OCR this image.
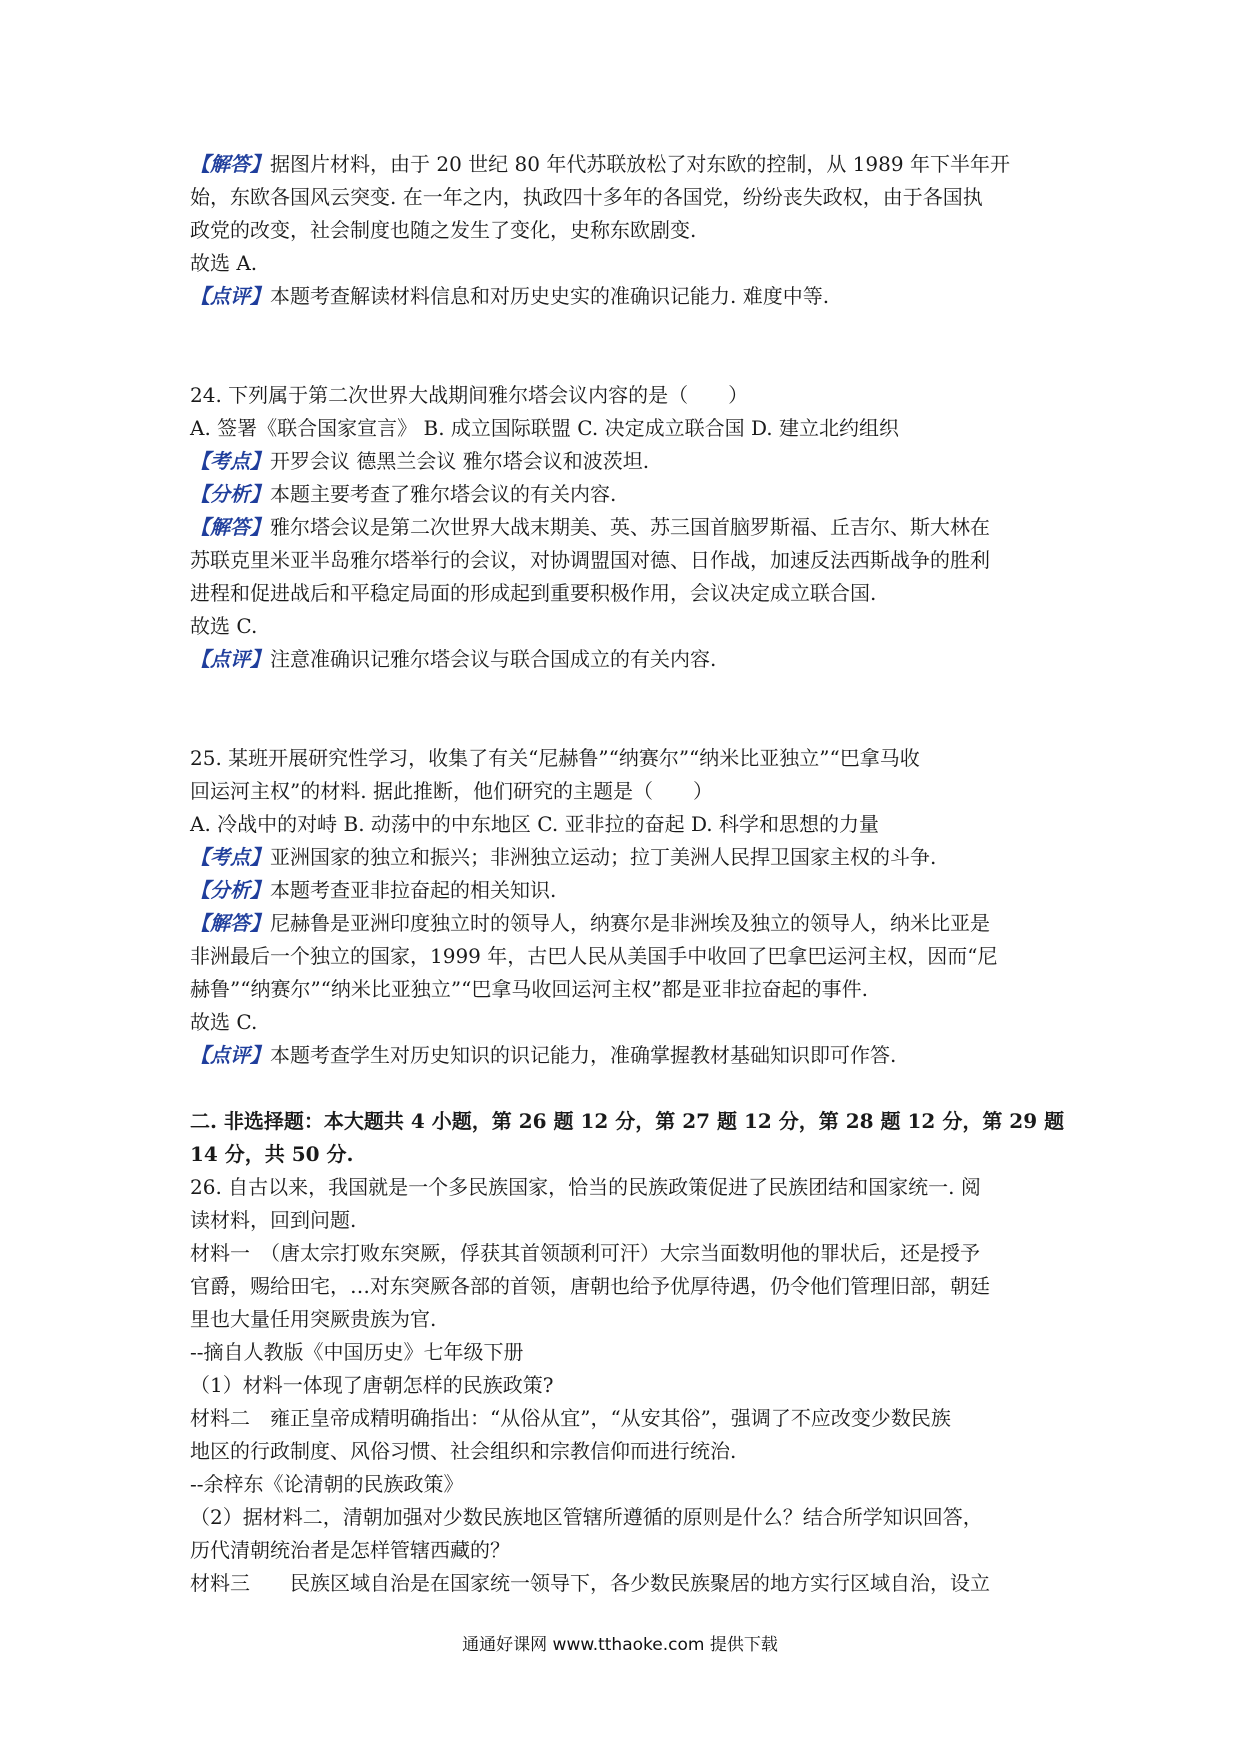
【解答】据图片材料，由于 20 世纪 80 年代苏联放松了对东欧的控制，从 1989 年下半年开
始，东欧各国风云突变. 在一年之内，执政四十多年的各国党，纷纷丧失政权，由于各国执
政党的改变，社会制度也随之发生了变化，史称东欧剧变.
故选 A.
【点评】本题考查解读材料信息和对历史史实的准确识记能力. 难度中等.
24. 下列属于第二次世界大战期间雅尔塔会议内容的是（　　）
A. 签署《联合国家宣言》 B. 成立国际联盟 C. 决定成立联合国 D. 建立北约组织
【考点】开罗会议 德黑兰会议 雅尔塔会议和波茨坦.
【分析】本题主要考查了雅尔塔会议的有关内容.
【解答】雅尔塔会议是第二次世界大战末期美、英、苏三国首脑罗斯福、丘吉尔、斯大林在
苏联克里米亚半岛雅尔塔举行的会议，对协调盟国对德、日作战，加速反法西斯战争的胜利
进程和促进战后和平稳定局面的形成起到重要积极作用，会议决定成立联合国.
故选 C.
【点评】注意准确识记雅尔塔会议与联合国成立的有关内容.
25. 某班开展研究性学习，收集了有关“尼赫鲁”“纳赛尔”“纳米比亚独立”“巴拿马收
回运河主权”的材料. 据此推断，他们研究的主题是（　　）
A. 冷战中的对峙 B. 动荡中的中东地区 C. 亚非拉的奋起 D. 科学和思想的力量
【考点】亚洲国家的独立和振兴；非洲独立运动；拉丁美洲人民捍卫国家主权的斗争.
【分析】本题考查亚非拉奋起的相关知识.
【解答】尼赫鲁是亚洲印度独立时的领导人，纳赛尔是非洲埃及独立的领导人，纳米比亚是
非洲最后一个独立的国家，1999 年，古巴人民从美国手中收回了巴拿巴运河主权，因而“尼
赫鲁”“纳赛尔”“纳米比亚独立”“巴拿马收回运河主权”都是亚非拉奋起的事件.
故选 C.
【点评】本题考查学生对历史知识的识记能力，准确掌握教材基础知识即可作答.
二. 非选择题：本大题共 4 小题，第 26 题 12 分，第 27 题 12 分，第 28 题 12 分，第 29 题
14 分，共 50 分.
26. 自古以来，我国就是一个多民族国家，恰当的民族政策促进了民族团结和国家统一. 阅
读材料，回到问题.
材料一　（唐太宗打败东突厥，俘获其首领颉利可汗）大宗当面数明他的罪状后，还是授予
官爵，赐给田宅，…对东突厥各部的首领，唐朝也给予优厚待遇，仍令他们管理旧部，朝廷
里也大量任用突厥贵族为官.
--摘自人教版《中国历史》七年级下册
（1）材料一体现了唐朝怎样的民族政策?
材料二　雍正皇帝成精明确指出：“从俗从宜”，“从安其俗”，强调了不应改变少数民族
地区的行政制度、风俗习惯、社会组织和宗教信仰而进行统治.
--余梓东《论清朝的民族政策》
（2）据材料二，清朝加强对少数民族地区管辖所遵循的原则是什么？结合所学知识回答，
历代清朝统治者是怎样管辖西藏的？
材料三　　民族区域自治是在国家统一领导下，各少数民族聚居的地方实行区域自治，设立
通通好课网 www.tthaoke.com 提供下载
